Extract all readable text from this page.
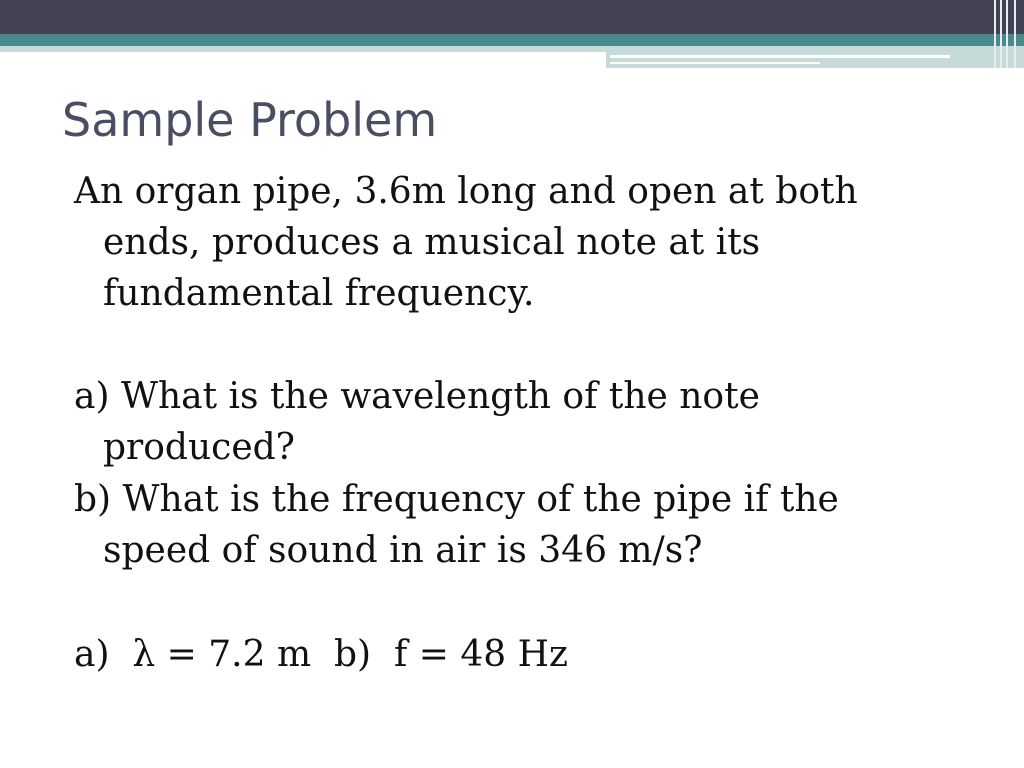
Sample Problem

An organ pipe, 3.6m long and open at both
ends, produces a musical note at its
fundamental frequency.

a) What is the wavelength of the note
produced?

b) What is the frequency of the pipe if the
speed of sound in air is 346 m/s?

a)  λ = 7.2 m  b)  f = 48 Hz
